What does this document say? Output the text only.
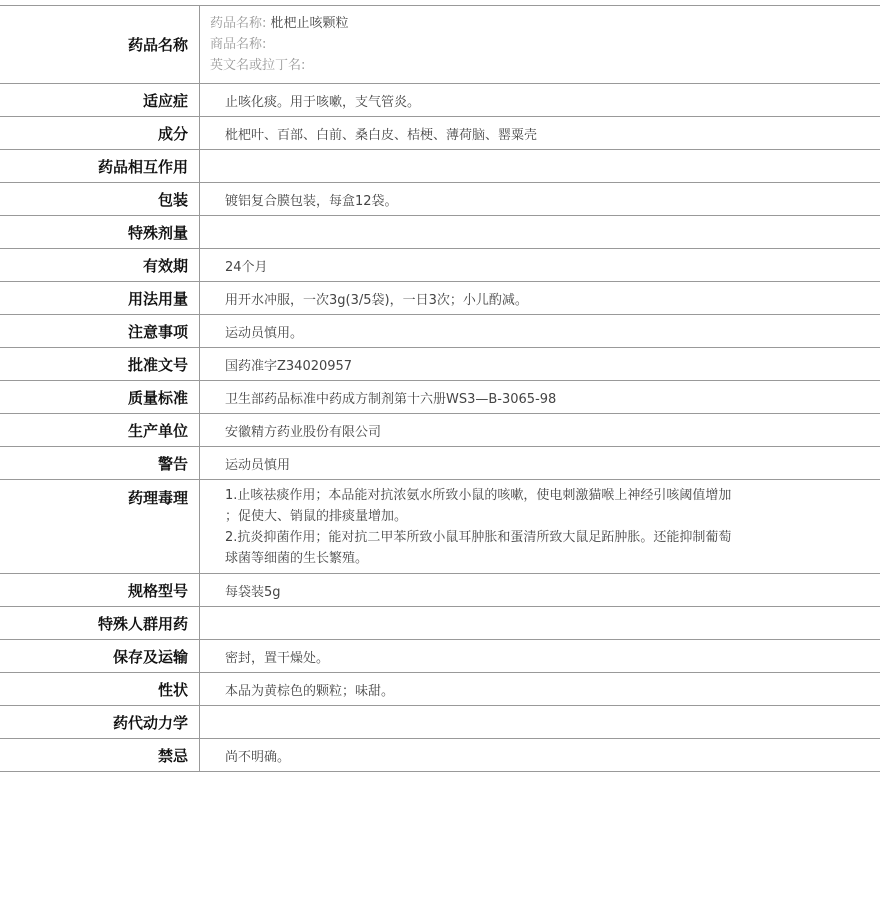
药品名称
药品名称: 枇杷止咳颗粒
商品名称:
英文名或拉丁名:
适应症	止咳化痰。用于咳嗽，支气管炎。
成分	枇杷叶、百部、白前、桑白皮、桔梗、薄荷脑、罂粟壳
药品相互作用
包装	镀铝复合膜包装，每盒12袋。
特殊剂量
有效期	24个月
用法用量	用开水冲服，一次3g(3/5袋)，一日3次；小儿酌减。
注意事项	运动员慎用。
批准文号	国药准字Z34020957
质量标准	卫生部药品标准中药成方制剂第十六册WS3—B-3065-98
生产单位	安徽精方药业股份有限公司
警告	运动员慎用
药理毒理	1.止咳祛痰作用；本品能对抗浓氨水所致小鼠的咳嗽，使电刺激猫喉上神经引咳阈值增加
；促使大、销鼠的排痰量增加。
2.抗炎抑菌作用；能对抗二甲苯所致小鼠耳肿胀和蛋清所致大鼠足跖肿胀。还能抑制葡萄
球菌等细菌的生长繁殖。
规格型号	每袋装5g
特殊人群用药
保存及运输	密封，置干燥处。
性状	本品为黄棕色的颗粒；味甜。
药代动力学
禁忌	尚不明确。
